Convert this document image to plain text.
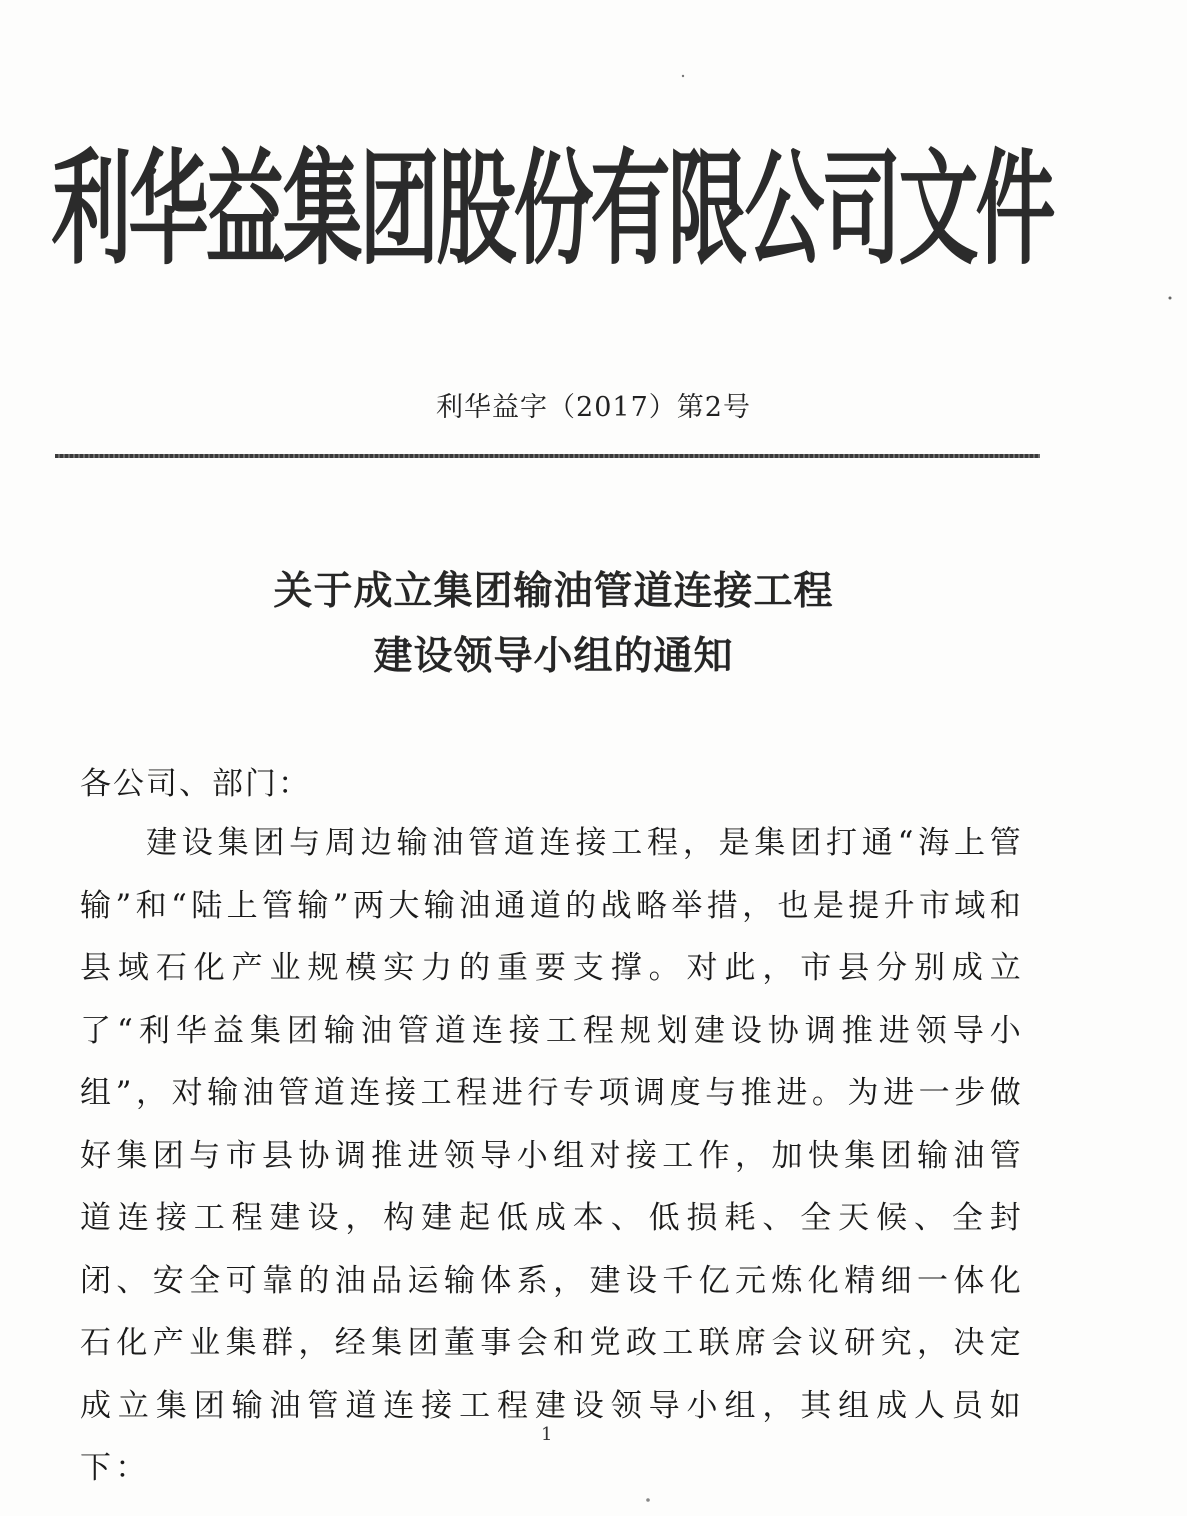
利华益集团股份有限公司文件
利华益字（2017）第2号
关于成立集团输油管道连接工程
建设领导小组的通知
各公司、部门：

建设集团与周边输油管道连接工程，是集团打通“海上管输”和“陆上管输”两大输油通道的战略举措，也是提升市域和县域石化产业规模实力的重要支撑。对此，市县分别成立了“利华益集团输油管道连接工程规划建设协调推进领导小组”，对输油管道连接工程进行专项调度与推进。为进一步做好集团与市县协调推进领导小组对接工作，加快集团输油管道连接工程建设，构建起低成本、低损耗、全天候、全封闭、安全可靠的油品运输体系，建设千亿元炼化精细一体化石化产业集群，经集团董事会和党政工联席会议研究，决定成立集团输油管道连接工程建设领导小组，其组成人员如下：

1
